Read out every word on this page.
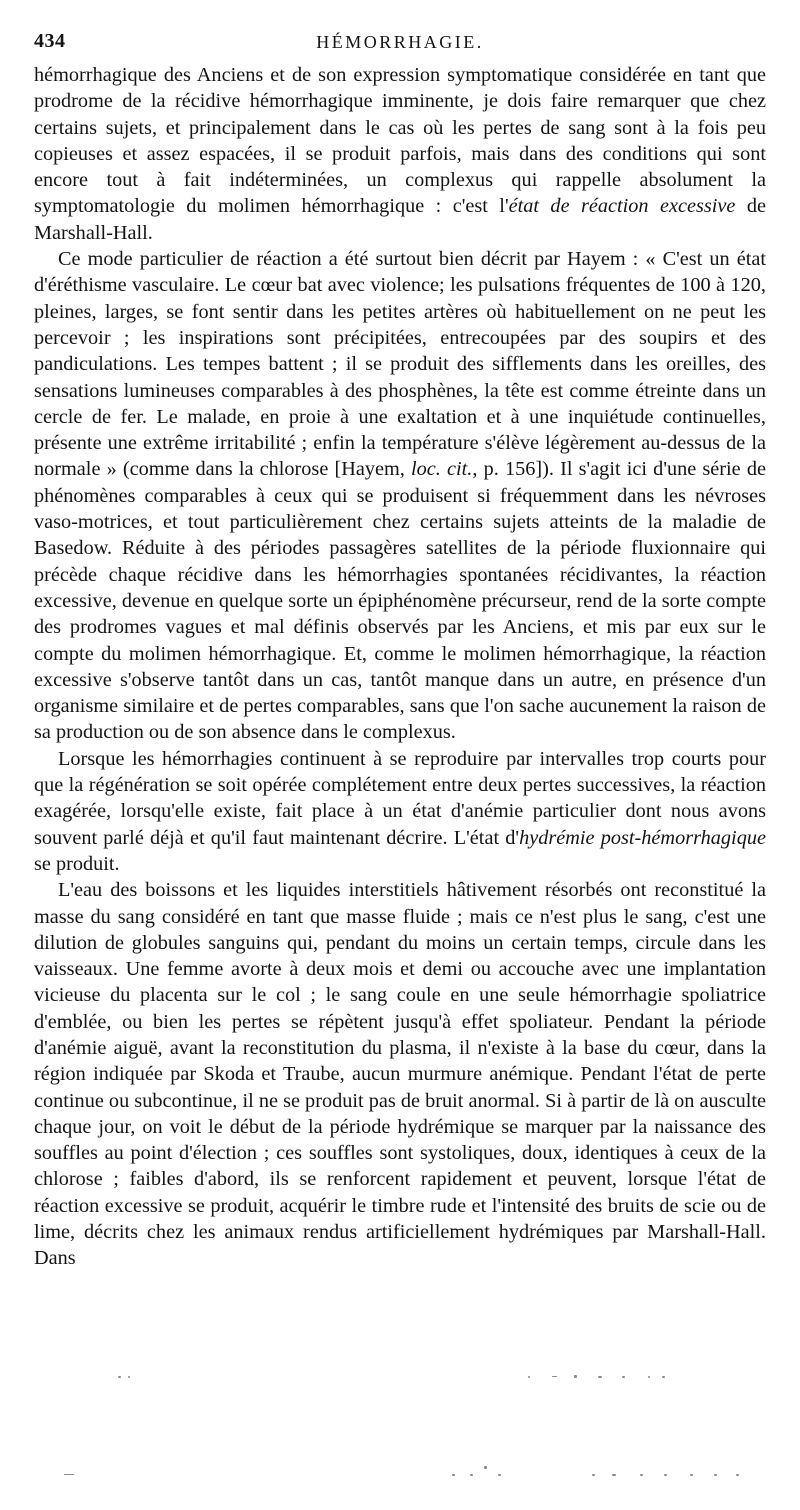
434	HÉMORRHAGIE.

hémorrhagique des Anciens et de son expression symptomatique considérée en tant que prodrome de la récidive hémorrhagique imminente, je dois faire remarquer que chez certains sujets, et principalement dans le cas où les pertes de sang sont à la fois peu copieuses et assez espacées, il se produit parfois, mais dans des conditions qui sont encore tout à fait indéterminées, un complexus qui rappelle absolument la symptomatologie du molimen hémorrhagique : c'est l'état de réaction excessive de Marshall-Hall.

Ce mode particulier de réaction a été surtout bien décrit par Hayem : « C'est un état d'éréthisme vasculaire. Le cœur bat avec violence; les pulsations fréquentes de 100 à 120, pleines, larges, se font sentir dans les petites artères où habituellement on ne peut les percevoir ; les inspirations sont précipitées, entrecoupées par des soupirs et des pandiculations. Les tempes battent ; il se produit des sifflements dans les oreilles, des sensations lumineuses comparables à des phosphènes, la tête est comme étreinte dans un cercle de fer. Le malade, en proie à une exaltation et à une inquiétude continuelles, présente une extrême irritabilité ; enfin la température s'élève légèrement au-dessus de la normale » (comme dans la chlorose [Hayem, loc. cit., p. 156]). Il s'agit ici d'une série de phénomènes comparables à ceux qui se produisent si fréquemment dans les névroses vaso-motrices, et tout particulièrement chez certains sujets atteints de la maladie de Basedow. Réduite à des périodes passagères satellites de la période fluxionnaire qui précède chaque récidive dans les hémorrhagies spontanées récidivantes, la réaction excessive, devenue en quelque sorte un épiphénomène précurseur, rend de la sorte compte des prodromes vagues et mal définis observés par les Anciens, et mis par eux sur le compte du molimen hémorrhagique. Et, comme le molimen hémorrhagique, la réaction excessive s'observe tantôt dans un cas, tantôt manque dans un autre, en présence d'un organisme similaire et de pertes comparables, sans que l'on sache aucunement la raison de sa production ou de son absence dans le complexus.

Lorsque les hémorrhagies continuent à se reproduire par intervalles trop courts pour que la régénération se soit opérée complétement entre deux pertes successives, la réaction exagérée, lorsqu'elle existe, fait place à un état d'anémie particulier dont nous avons souvent parlé déjà et qu'il faut maintenant décrire. L'état d'hydrémie post-hémorrhagique se produit.

L'eau des boissons et les liquides interstitiels hâtivement résorbés ont reconstitué la masse du sang considéré en tant que masse fluide ; mais ce n'est plus le sang, c'est une dilution de globules sanguins qui, pendant du moins un certain temps, circule dans les vaisseaux. Une femme avorte à deux mois et demi ou accouche avec une implantation vicieuse du placenta sur le col ; le sang coule en une seule hémorrhagie spoliatrice d'emblée, ou bien les pertes se répètent jusqu'à effet spoliateur. Pendant la période d'anémie aiguë, avant la reconstitution du plasma, il n'existe à la base du cœur, dans la région indiquée par Skoda et Traube, aucun murmure anémique. Pendant l'état de perte continue ou subcontinue, il ne se produit pas de bruit anormal. Si à partir de là on ausculte chaque jour, on voit le début de la période hydrémique se marquer par la naissance des souffles au point d'élection ; ces souffles sont systoliques, doux, identiques à ceux de la chlorose ; faibles d'abord, ils se renforcent rapidement et peuvent, lorsque l'état de réaction excessive se produit, acquérir le timbre rude et l'intensité des bruits de scie ou de lime, décrits chez les animaux rendus artificiellement hydrémiques par Marshall-Hall. Dans
